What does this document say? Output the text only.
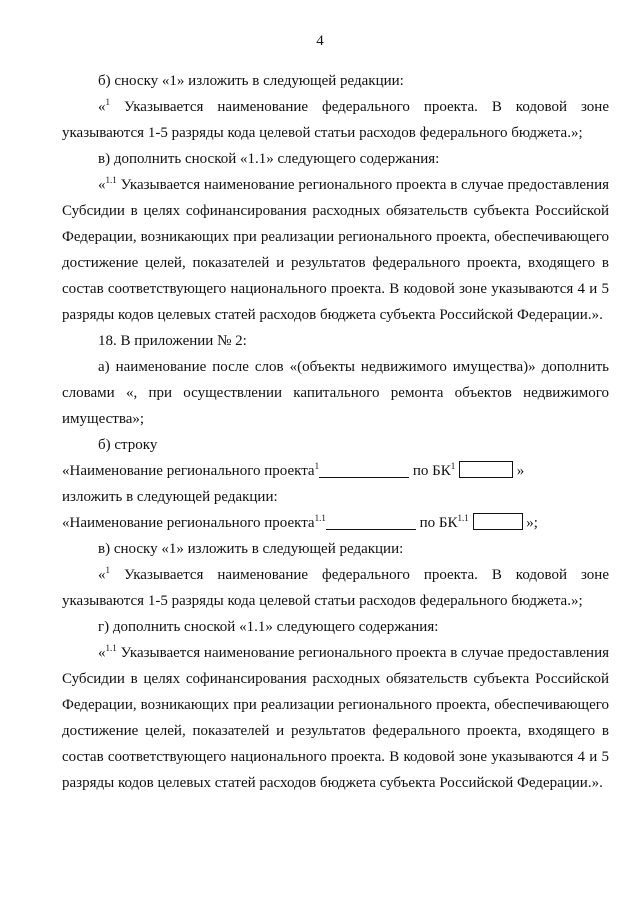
4

б) сноску «1» изложить в следующей редакции:

«$^1$ Указывается наименование федерального проекта. В кодовой зоне указываются 1-5 разряды кода целевой статьи расходов федерального бюджета.»;

в) дополнить сноской «1.1» следующего содержания:

«$^{1.1}$ Указывается наименование регионального проекта в случае предоставления Субсидии в целях софинансирования расходных обязательств субъекта Российской Федерации, возникающих при реализации регионального проекта, обеспечивающего достижение целей, показателей и результатов федерального проекта, входящего в состав соответствующего национального проекта. В кодовой зоне указываются 4 и 5 разряды кодов целевых статей расходов бюджета субъекта Российской Федерации.».

18. В приложении № 2:

а) наименование после слов «(объекты недвижимого имущества)» дополнить словами «, при осуществлении капитального ремонта объектов недвижимого имущества»;

б) строку

«Наименование регионального проекта$^1$	по $БК^1$	»

изложить в следующей редакции:

«Наименование регионального проекта$^{1.1}$	по $БК^{1.1}$	»;

в) сноску «1» изложить в следующей редакции:

«$^1$ Указывается наименование федерального проекта. В кодовой зоне указываются 1-5 разряды кода целевой статьи расходов федерального бюджета.»;

г) дополнить сноской «1.1» следующего содержания:

«$^{1.1}$ Указывается наименование регионального проекта в случае предоставления Субсидии в целях софинансирования расходных обязательств субъекта Российской Федерации, возникающих при реализации регионального проекта, обеспечивающего достижение целей, показателей и результатов федерального проекта, входящего в состав соответствующего национального проекта. В кодовой зоне указываются 4 и 5 разряды кодов целевых статей расходов бюджета субъекта Российской Федерации.».
